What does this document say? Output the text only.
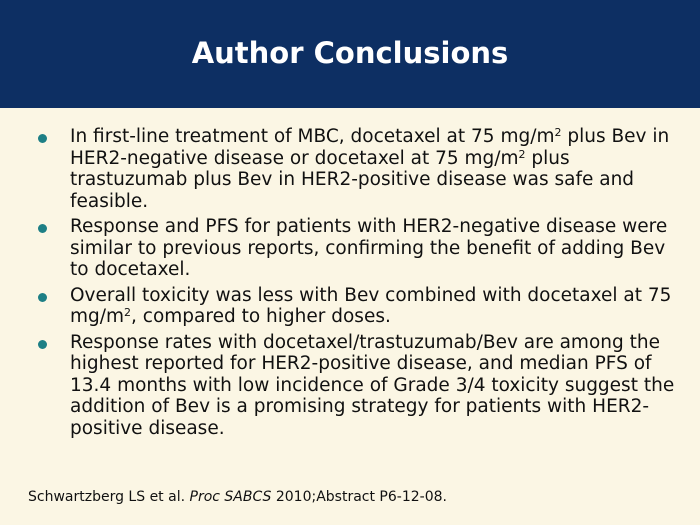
Author Conclusions
In first-line treatment of MBC, docetaxel at 75 $mg/m^2$ plus Bev in HER2-negative disease or docetaxel at 75 $mg/m^2$ plus trastuzumab plus Bev in HER2-positive disease was safe and feasible.
Response and PFS for patients with HER2-negative disease were similar to previous reports, confirming the benefit of adding Bev to docetaxel.
Overall toxicity was less with Bev combined with docetaxel at 75 $mg/m^2$, compared to higher doses.
Response rates with docetaxel/trastuzumab/Bev are among the highest reported for HER2-positive disease, and median PFS of 13.4 months with low incidence of Grade 3/4 toxicity suggest the addition of Bev is a promising strategy for patients with HER2-positive disease.
Schwartzberg LS et al. Proc SABCS 2010;Abstract P6-12-08.
